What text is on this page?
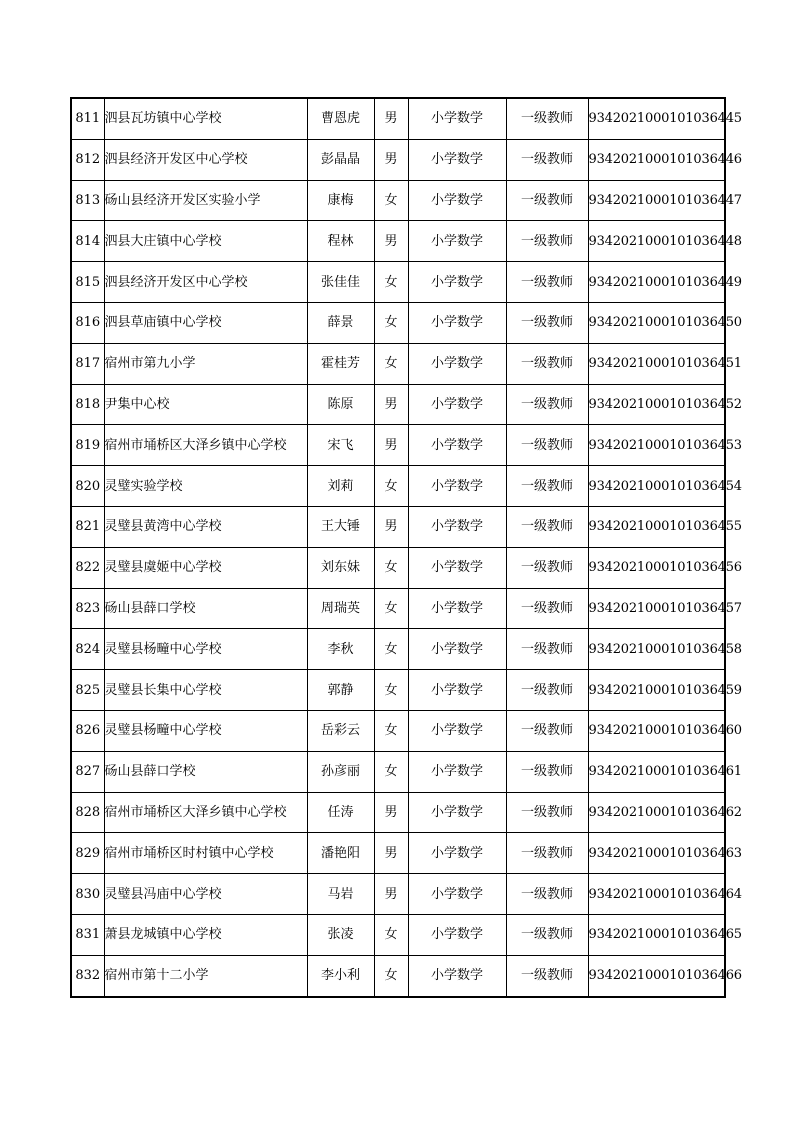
811	泗县瓦坊镇中心学校	曹恩虎	男	小学数学	一级教师	934202100010103644​5
812	泗县经济开发区中心学校	彭晶晶	男	小学数学	一级教师	9342021000101036446
813	砀山县经济开发区实验小学	康梅	女	小学数学	一级教师	9342021000101036447
814	泗县大庄镇中心学校	程林	男	小学数学	一级教师	9342021000101036448
815	泗县经济开发区中心学校	张佳佳	女	小学数学	一级教师	9342021000101036449
816	泗县草庙镇中心学校	薛景	女	小学数学	一级教师	9342021000101036450
817	宿州市第九小学	霍桂芳	女	小学数学	一级教师	9342021000101036451
818	尹集中心校	陈原	男	小学数学	一级教师	9342021000101036452
819	宿州市埇桥区大泽乡镇中心学校	宋飞	男	小学数学	一级教师	9342021000101036453
820	灵璧实验学校	刘莉	女	小学数学	一级教师	9342021000101036454
821	灵璧县黄湾中心学校	王大锤	男	小学数学	一级教师	9342021000101036455
822	灵璧县虞姬中心学校	刘东妹	女	小学数学	一级教师	9342021000101036456
823	砀山县薛口学校	周瑞英	女	小学数学	一级教师	9342021000101036457
824	灵璧县杨疃中心学校	李秋	女	小学数学	一级教师	9342021000101036458
825	灵璧县长集中心学校	郭静	女	小学数学	一级教师	9342021000101036459
826	灵璧县杨疃中心学校	岳彩云	女	小学数学	一级教师	9342021000101036460
827	砀山县薛口学校	孙彦丽	女	小学数学	一级教师	9342021000101036461
828	宿州市埇桥区大泽乡镇中心学校	任涛	男	小学数学	一级教师	9342021000101036462
829	宿州市埇桥区时村镇中心学校	潘艳阳	男	小学数学	一级教师	9342021000101036463
830	灵璧县冯庙中心学校	马岩	男	小学数学	一级教师	9342021000101036464
831	萧县龙城镇中心学校	张凌	女	小学数学	一级教师	9342021000101036465
832	宿州市第十二小学	李小利	女	小学数学	一级教师	9342021000101036466
